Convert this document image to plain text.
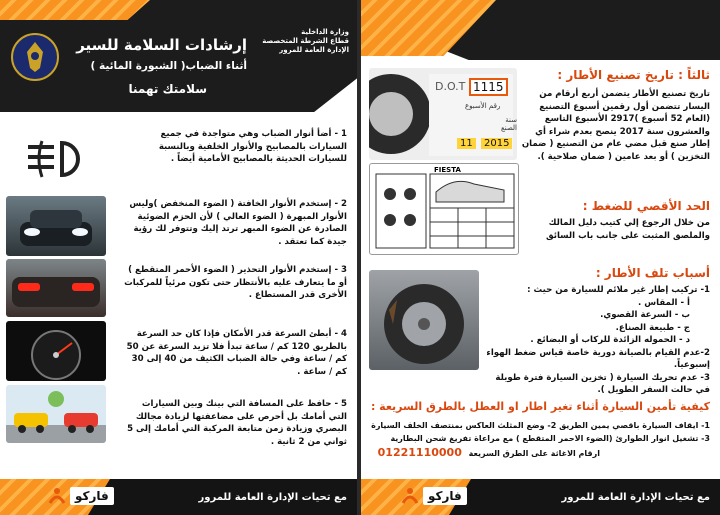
وزارة الداخلية
قطاع الشرطة المتخصصة
الإدارة العامة للمرور
إرشادات السلامة للسير
أثناء الضباب( الشبورة المائية )
سلامتك تهمنا
1 - أضأ أنوار الضباب وهي متواجدة في جميع السيارات بالمصابيح والأنوار الخلفية وبالنسبة للسيارات الحديثة بالمصابيح الأمامية أيضاً .
2 - إستخدم الأنوار الخافتة ( الضوء المنخفض )وليس الأنوار المبهرة ( الضوء العالي ) لأن الحزم الضوئية الصادرة عن الضوء المبهر ترتد إليك وتتوفر لك رؤية جيدة كما تعتقد .
3 - إستخدم الأنوار التحذير ( الضوء الأحمر المتقطع ) أو ما يتعارف عليه بالأنتظار حتى تكون مرئياً للمركبات الأخرى قدر المستطاع .
4 - أبطئ السرعة قدر الأمكان فإذا كان حد السرعة بالطريق 120 كم / ساعة تبدأ فلا تزيد السرعة عن 50 كم / ساعة وفي حالة الضباب الكثيف من 40 إلى 30 كم / ساعة .
5 - حافظ على المسافة التي بينك وبين السيارات التي أمامك بل أحرص على مضاعفتها لزيادة مجالك البصري وزيادة زمن متابعة المركبة التي أمامك إلى 5 ثواني من 2 ثانية .
فاركو	مع تحيات الإدارة العامة للمرور
ثالثاً : تاريخ تصنيع الأطار :
تاريخ تصنيع الأطار يتضمن أربع أرقام من اليسار تتضمن أول رقمين أسبوع التصنيع (العام 52 أسبوع )2917 الأسبوع التاسع والعشرون سنة 2017 ينصح بعدم شراء أي إطار صنع قبل مضي عام من التصنيع ( ضمان التخزين ) أو بعد عامين ( ضمان صلاحية ).
D.O.T 1115
رقم الأسبوع
سنة الصنع
11	2015
FIESTA
الحد الأقصي للضغط :
من خلال الرجوع إلي كتيب دليل المالك والملصق المثبت على جانب باب السائق
أسباب تلف الأطار :
1- تركيب إطار غير ملائم للسيارة من حيث :
أ - المقاس .
ب - السرعة القصوي.
ج - طبيعة الصناع.
د - الحموله الزائدة للركاب أو البضائع .
2-عدم القيام بالصيانة دورية خاصة قياس ضغط الهواء إسبوعياً.
3- عدم تحريك السيارة ( تخزين السيارة فترة طويلة في حالت السفر الطويل ).
كيفية تأمين السيارة أثناء تغير اطار او العطل بالطرق السريعة :
1- ايقاف السيارة باقصي يمين الطريق 2- وضع المثلث العاكس بمنتصف الخلف السيارة
3- تشغيل انوار الطوارئ (الضوء الاحمر المتقطع ) مع مراعاة تفريغ شحن البطارية
ارقام الاغاثة على الطرق السريعة 01221110000
فاركو	مع تحيات الإدارة العامة للمرور
